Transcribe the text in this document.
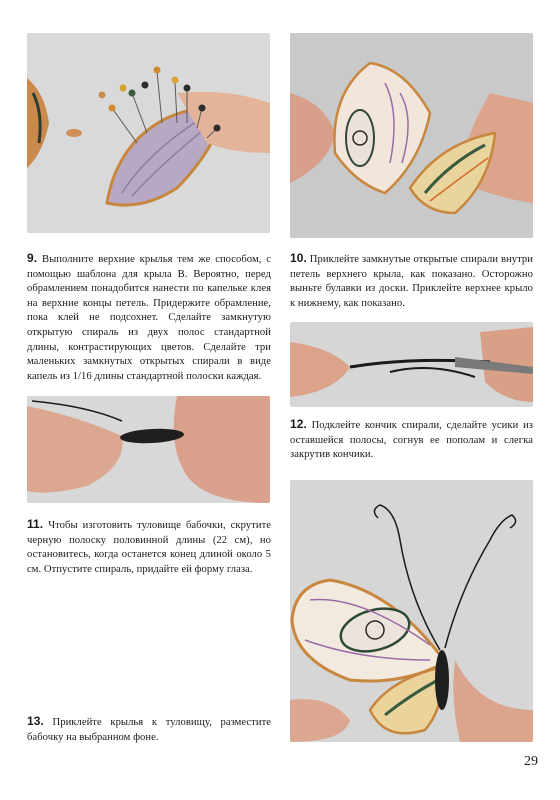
9. Выполните верхние крылья тем же способом, с помощью шаблона для крыла В. Вероятно, перед обрамлением понадобится нанести по капельке клея на верхние концы петель. Придержите обрамление, пока клей не подсохнет. Сделайте замкнутую открытую спираль из двух полос стандартной длины, контрастирующих цветов. Сделайте три маленьких замкнутых открытых спирали в виде капель из 1/16 длины стандартной полоски каждая.
10. Приклейте замкнутые открытые спирали внутри петель верхнего крыла, как показано. Осторожно выньте булавки из доски. Приклейте верхнее крыло к нижнему, как показано.
12. Подклейте кончик спирали, сделайте усики из оставшейся полосы, согнув ее пополам и слегка закрутив кончики.
11. Чтобы изготовить туловище бабочки, скрутите черную полоску половинной длины (22 см), но остановитесь, когда останется конец длиной около 5 см. Отпустите спираль, придайте ей форму глаза.
13. Приклейте крылья к туловищу, разместите бабочку на выбранном фоне.
29
